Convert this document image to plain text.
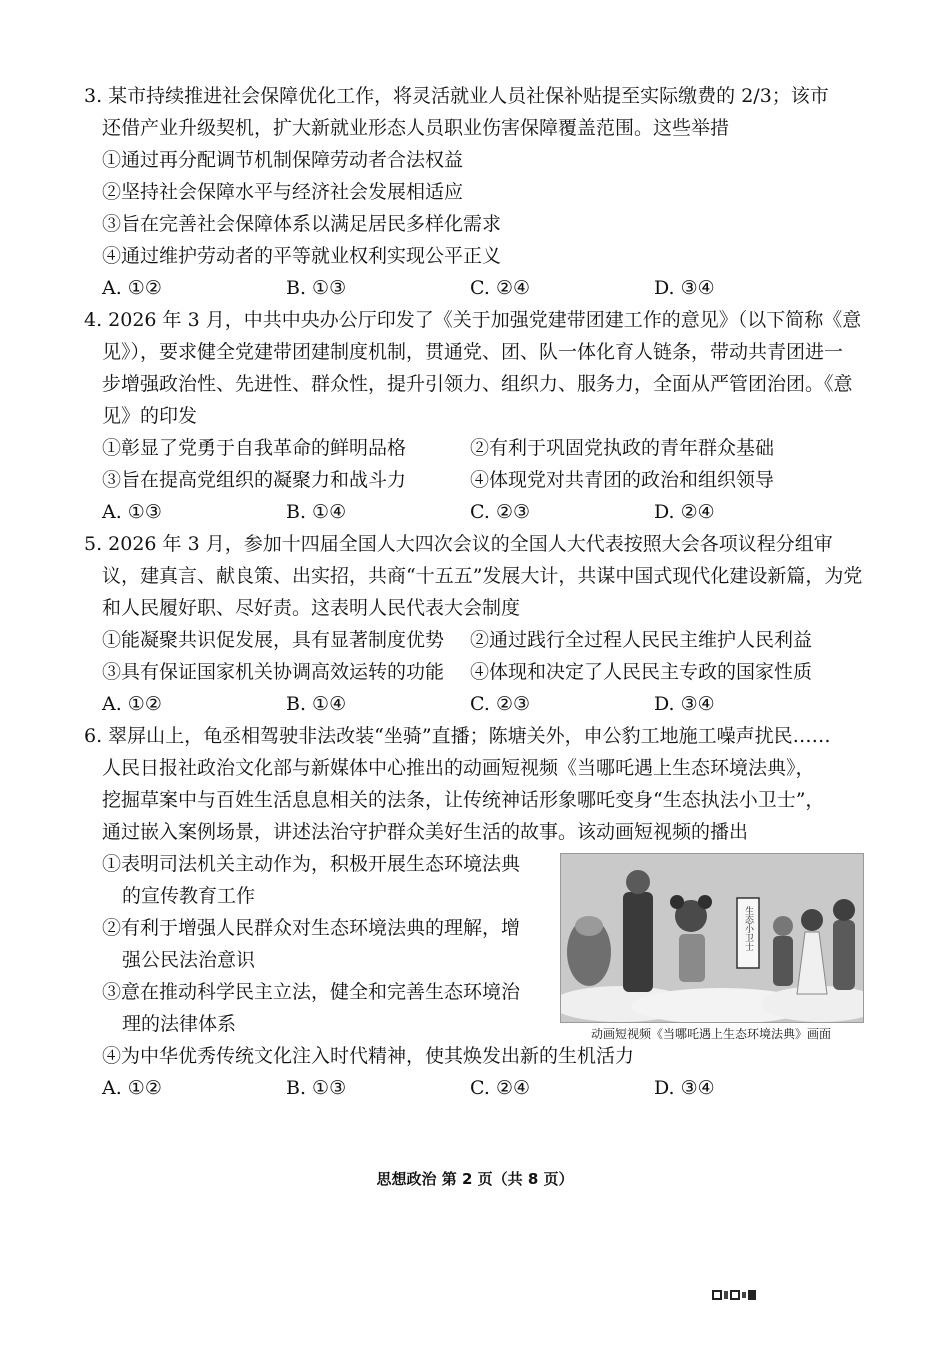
3. 某市持续推进社会保障优化工作，将灵活就业人员社保补贴提至实际缴费的 2/3；该市
还借产业升级契机，扩大新就业形态人员职业伤害保障覆盖范围。这些举措
①通过再分配调节机制保障劳动者合法权益
②坚持社会保障水平与经济社会发展相适应
③旨在完善社会保障体系以满足居民多样化需求
④通过维护劳动者的平等就业权利实现公平正义
A. ①②	B. ①③	C. ②④	D. ③④
4. 2026 年 3 月，中共中央办公厅印发了《关于加强党建带团建工作的意见》（以下简称《意
见》），要求健全党建带团建制度机制，贯通党、团、队一体化育人链条，带动共青团进一
步增强政治性、先进性、群众性，提升引领力、组织力、服务力，全面从严管团治团。《意
见》的印发
①彰显了党勇于自我革命的鲜明品格	②有利于巩固党执政的青年群众基础
③旨在提高党组织的凝聚力和战斗力	④体现党对共青团的政治和组织领导
A. ①③	B. ①④	C. ②③	D. ②④
5. 2026 年 3 月，参加十四届全国人大四次会议的全国人大代表按照大会各项议程分组审
议，建真言、献良策、出实招，共商“十五五”发展大计，共谋中国式现代化建设新篇，为党
和人民履好职、尽好责。这表明人民代表大会制度
①能凝聚共识促发展，具有显著制度优势	②通过践行全过程人民民主维护人民利益
③具有保证国家机关协调高效运转的功能	④体现和决定了人民民主专政的国家性质
A. ①②	B. ①④	C. ②③	D. ③④
6. 翠屏山上，龟丞相驾驶非法改装“坐骑”直播；陈塘关外，申公豹工地施工噪声扰民……
人民日报社政治文化部与新媒体中心推出的动画短视频《当哪吒遇上生态环境法典》，
挖掘草案中与百姓生活息息相关的法条，让传统神话形象哪吒变身“生态执法小卫士”，
通过嵌入案例场景，讲述法治守护群众美好生活的故事。该动画短视频的播出
①表明司法机关主动作为，积极开展生态环境法典
的宣传教育工作
②有利于增强人民群众对生态环境法典的理解，增
强公民法治意识
③意在推动科学民主立法，健全和完善生态环境治
理的法律体系
④为中华优秀传统文化注入时代精神，使其焕发出新的生机活力
A. ①②	B. ①③	C. ②④	D. ③④
生态小卫士
动画短视频《当哪吒遇上生态环境法典》画面
思想政治 第 2 页（共 8 页）
